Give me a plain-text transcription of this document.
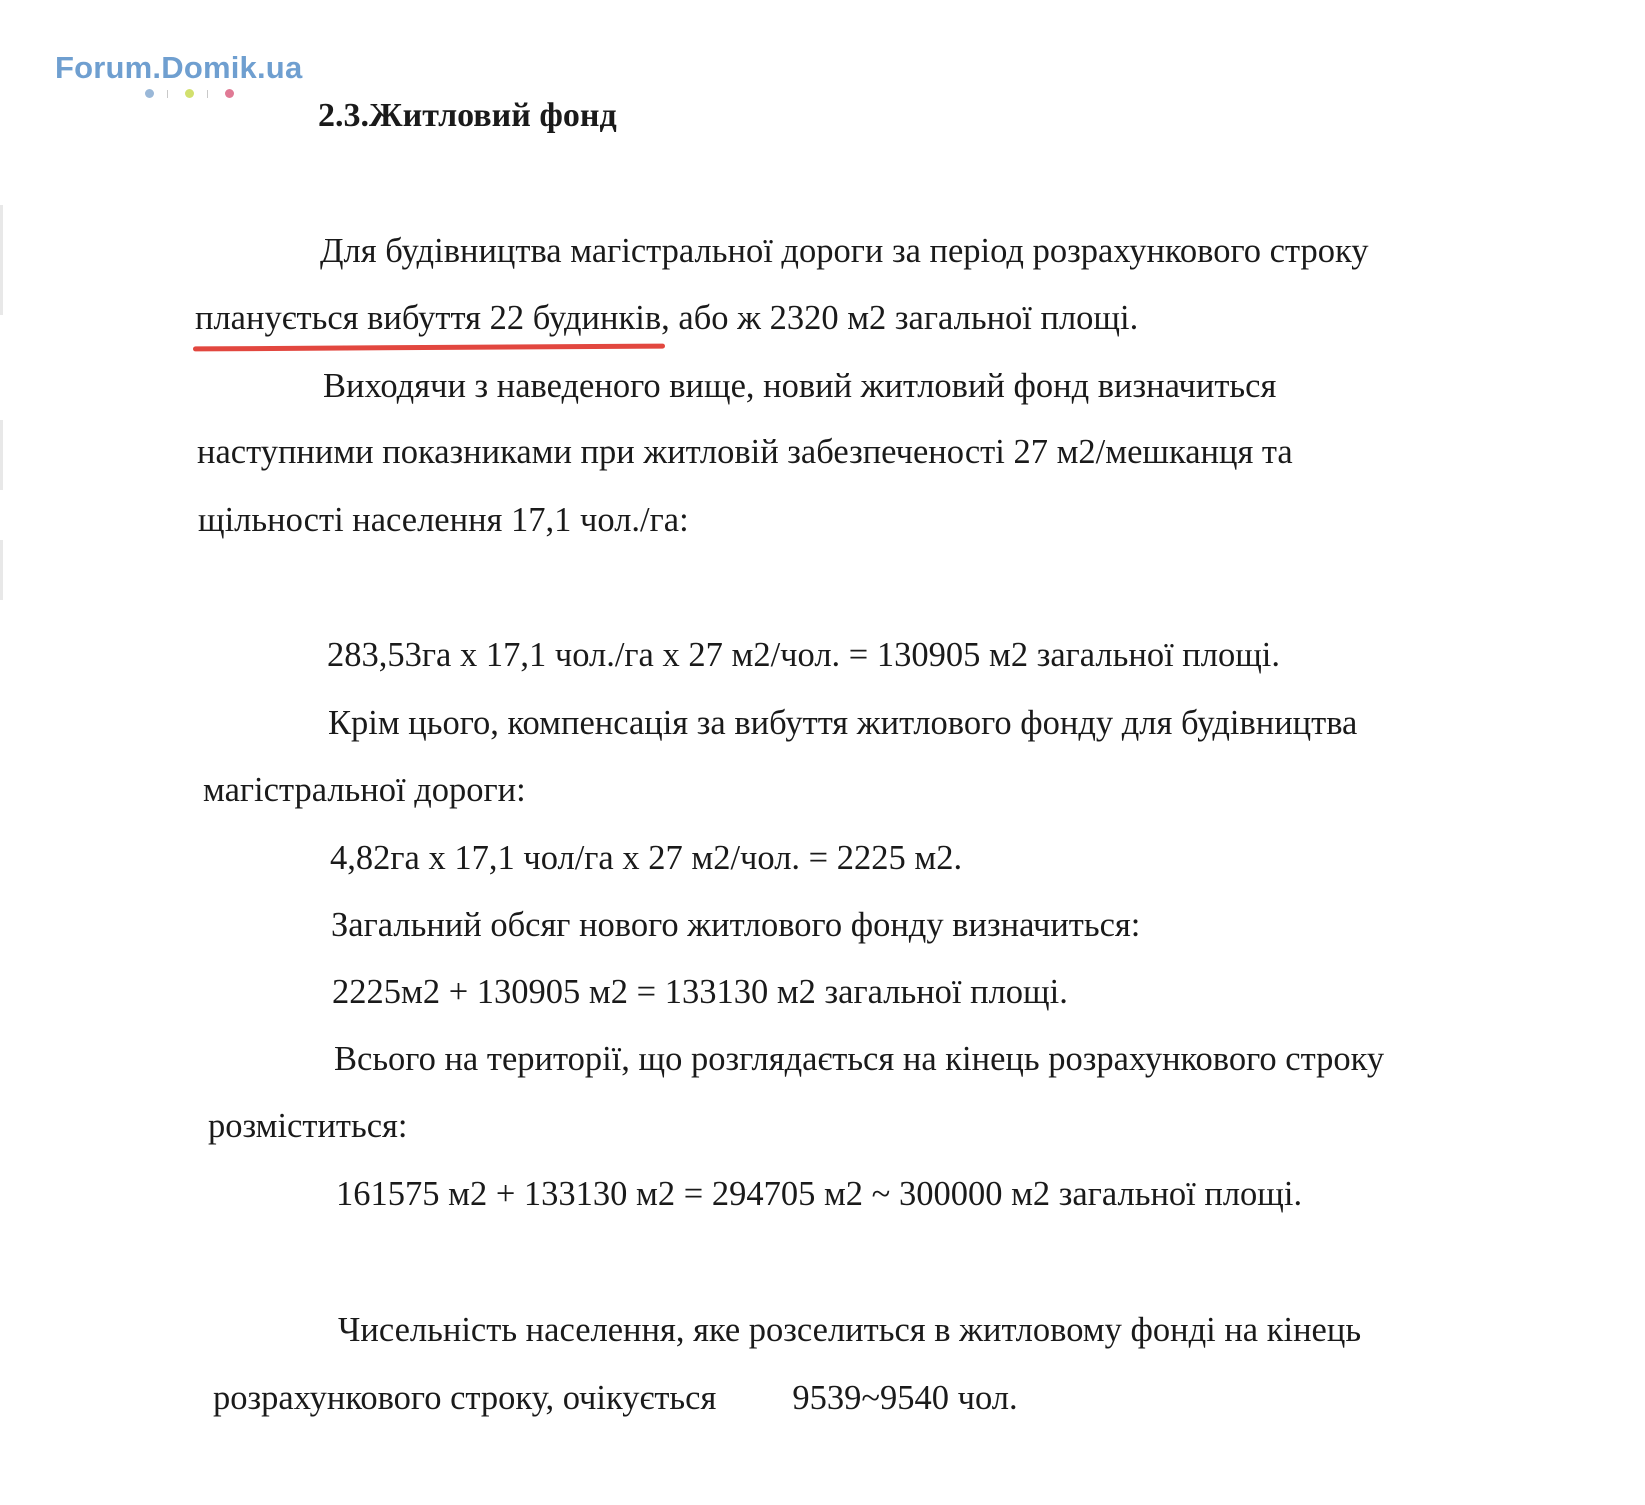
Forum.Domik.ua
2.3.Житловий фонд
Для будівництва магістральної дороги за період розрахункового строку
планується вибуття 22 будинків, або ж 2320 м2 загальної площі.
Виходячи з наведеного вище, новий житловий фонд визначиться
наступними показниками при житловій забезпеченості 27 м2/мешканця та
щільності населення 17,1 чол./га:
283,53га х 17,1 чол./га х 27 м2/чол. = 130905 м2 загальної площі.
Крім цього, компенсація за вибуття житлового фонду для будівництва
магістральної дороги:
4,82га х 17,1 чол/га х 27 м2/чол. = 2225 м2.
Загальний обсяг нового житлового фонду визначиться:
2225м2 + 130905 м2 = 133130 м2 загальної площі.
Всього на території, що розглядається на кінець розрахункового строку
розміститься:
161575 м2 + 133130 м2 = 294705 м2 ~ 300000 м2 загальної площі.
Чисельність населення, яке розселиться в житловому фонді на кінець
розрахункового строку, очікується 9539~9540 чол.
